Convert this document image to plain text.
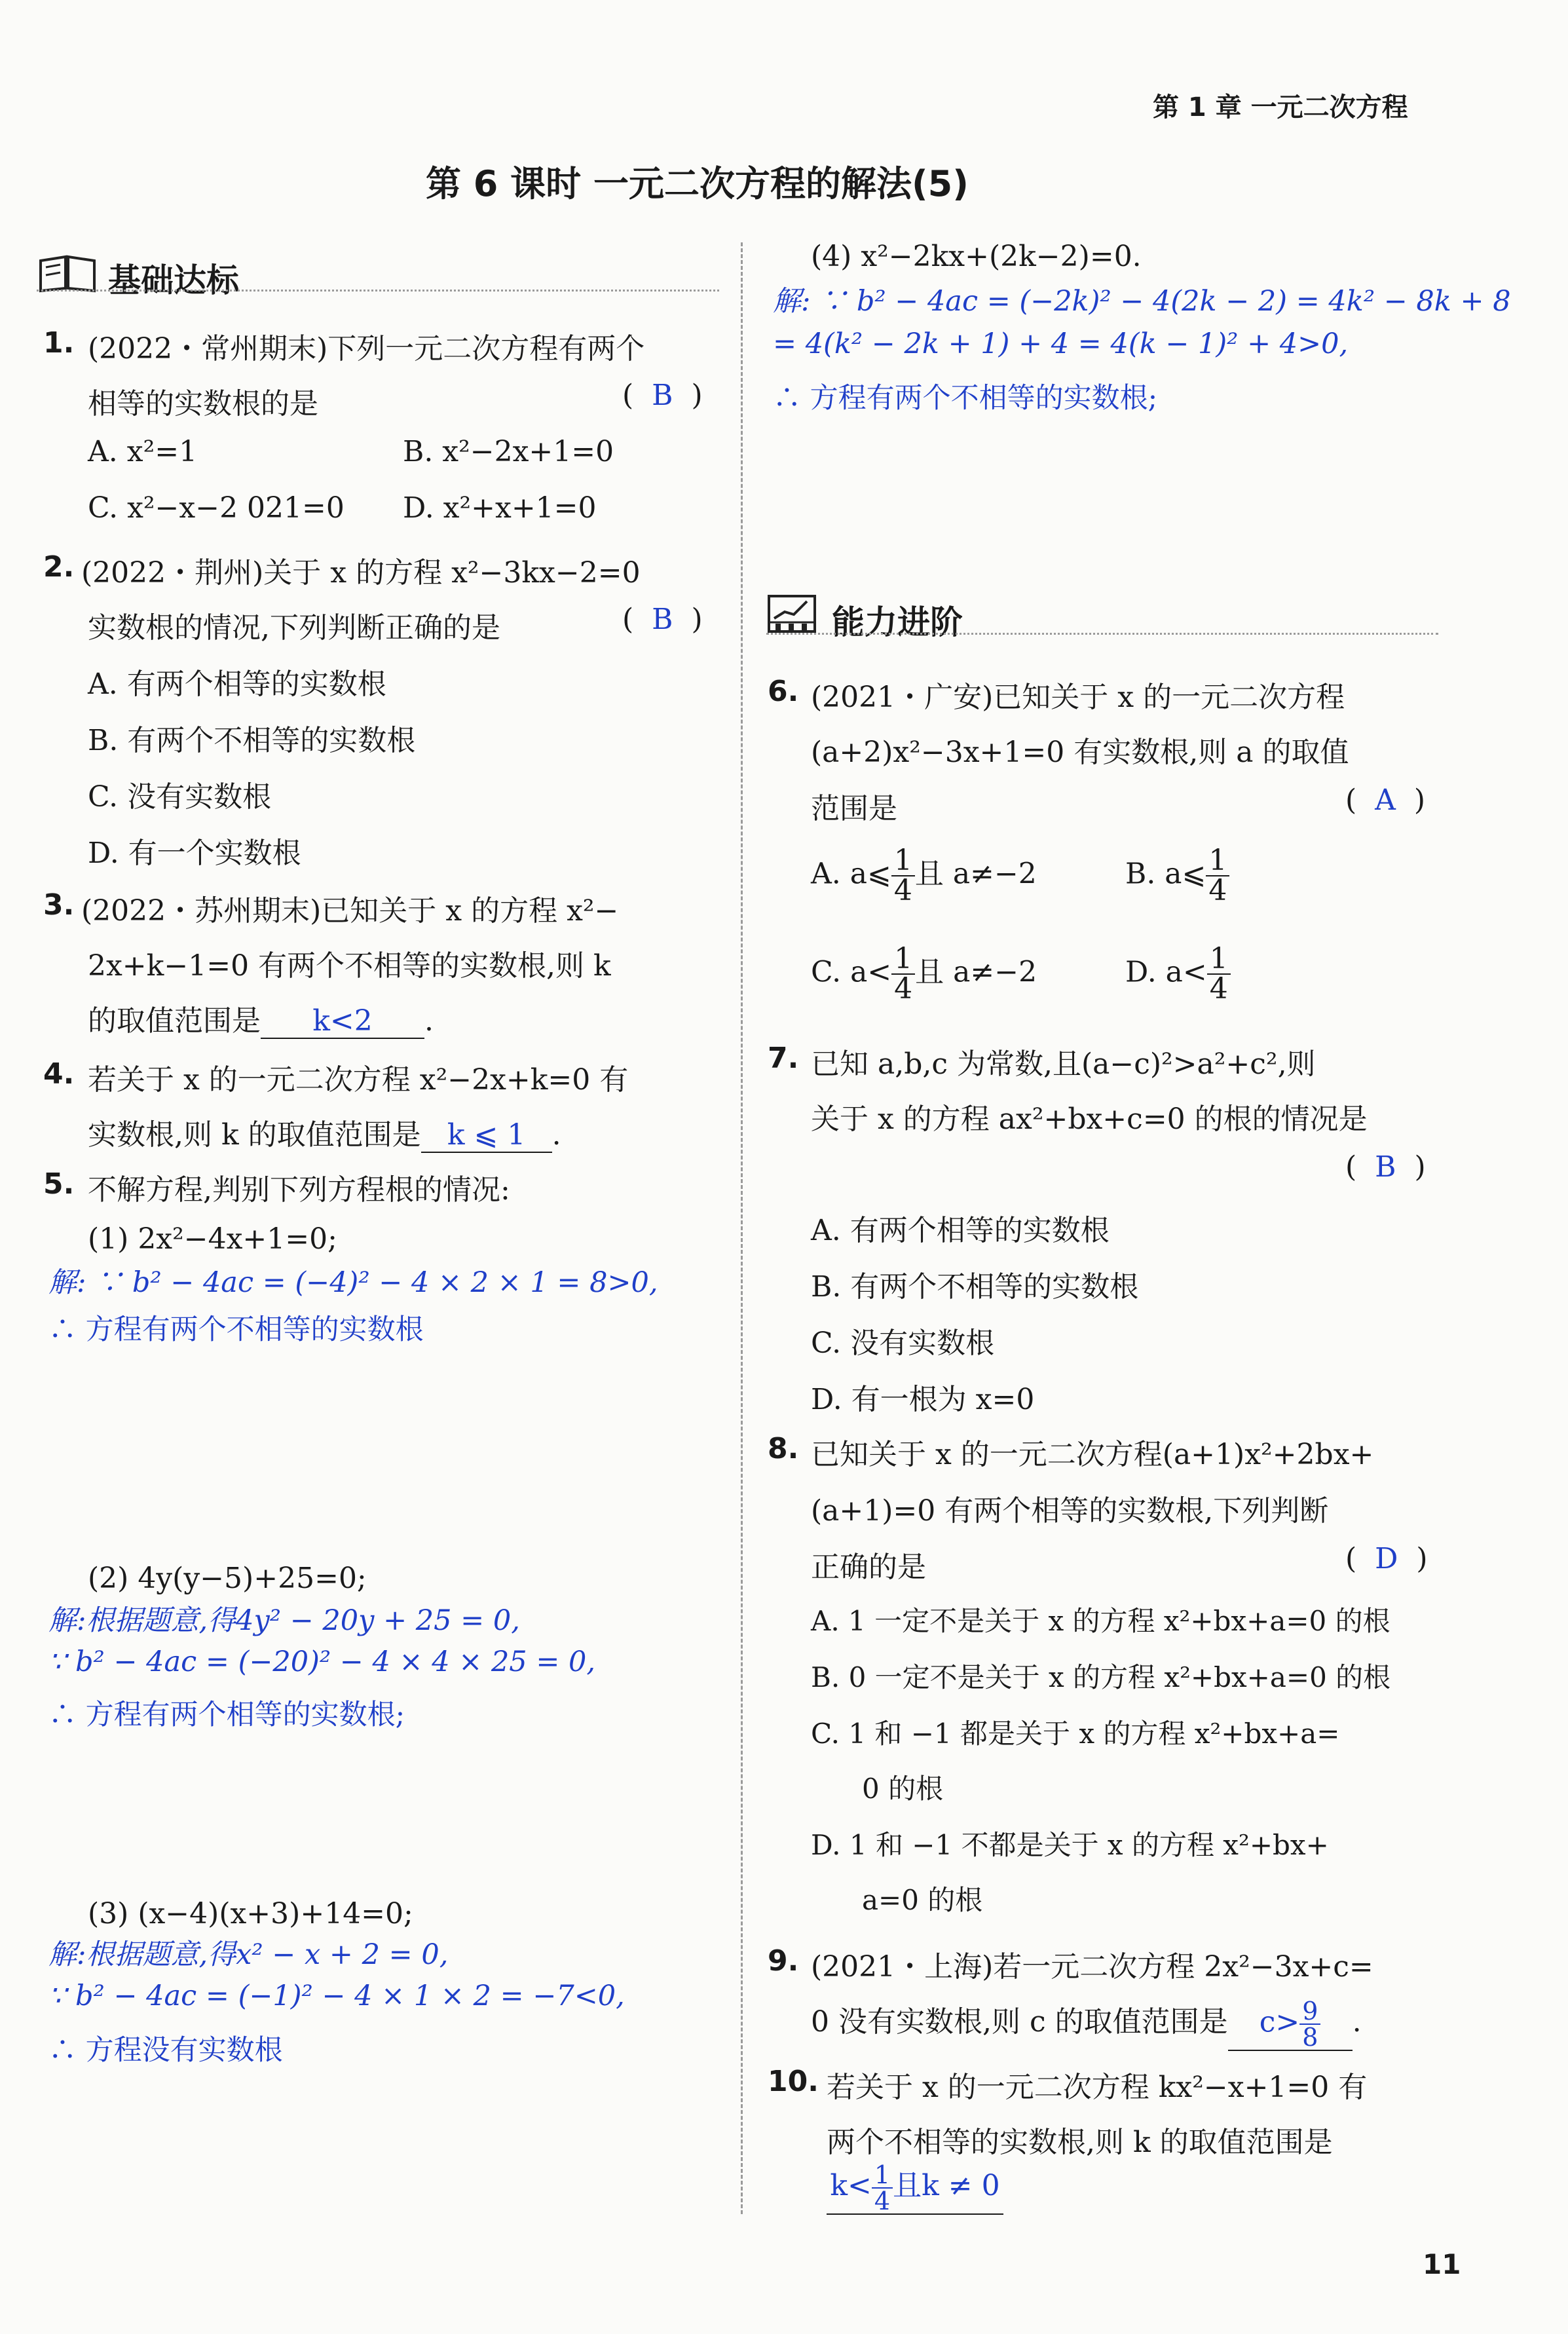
第 1 章 一元二次方程
第 6 课时 一元二次方程的解法(5)
基础达标
1. (2022・常州期末)下列一元二次方程有两个
相等的实数根的是	(  B  )
A. x²=1	B. x²−2x+1=0
C. x²−x−2 021=0 D. x²+x+1=0
2. (2022・荆州)关于 x 的方程 x²−3kx−2=0
实数根的情况,下列判断正确的是	(  B  )
A. 有两个相等的实数根
B. 有两个不相等的实数根
C. 没有实数根
D. 有一个实数根
3. (2022・苏州期末)已知关于 x 的方程 x²−
2x+k−1=0 有两个不相等的实数根,则 k
的取值范围是 k<2 .
4. 若关于 x 的一元二次方程 x²−2x+k=0 有
实数根,则 k 的取值范围是 k ⩽ 1 .
5. 不解方程,判别下列方程根的情况:
(1) 2x²−4x+1=0;
解: ∵ b² − 4ac = (−4)² − 4 × 2 × 1 = 8>0,
∴ 方程有两个不相等的实数根
(2) 4y(y−5)+25=0;
解:根据题意,得4y² − 20y + 25 = 0,
∵ b² − 4ac = (−20)² − 4 × 4 × 25 = 0,
∴ 方程有两个相等的实数根;
(3) (x−4)(x+3)+14=0;
解:根据题意,得x² − x + 2 = 0,
∵ b² − 4ac = (−1)² − 4 × 1 × 2 = −7<0,
∴ 方程没有实数根
(4) x²−2kx+(2k−2)=0.
解: ∵ b² − 4ac = (−2k)² − 4(2k − 2) = 4k² − 8k + 8
= 4(k² − 2k + 1) + 4 = 4(k − 1)² + 4>0,
∴ 方程有两个不相等的实数根;
能力进阶
6. (2021・广安)已知关于 x 的一元二次方程
(a+2)x²−3x+1=0 有实数根,则 a 的取值
范围是	(  A  )
A. a⩽ $\frac{1}{4}$ 且 a≠−2	B. a⩽ $\frac{1}{4}$
C. $a< \frac{1}{4}$ 且 a≠−2	D. $a< \frac{1}{4}$
7. 已知 a,b,c 为常数,且(a−c)²>a²+c²,则
关于 x 的方程 ax²+bx+c=0 的根的情况是
(  B  )
A. 有两个相等的实数根
B. 有两个不相等的实数根
C. 没有实数根
D. 有一根为 x=0
8. 已知关于 x 的一元二次方程(a+1)x²+2bx+
(a+1)=0 有两个相等的实数根,下列判断
正确的是	(  D  )
A. 1 一定不是关于 x 的方程 x²+bx+a=0 的根
B. 0 一定不是关于 x 的方程 x²+bx+a=0 的根
C. 1 和 −1 都是关于 x 的方程 x²+bx+a=
0 的根
D. 1 和 −1 不都是关于 x 的方程 x²+bx+
a=0 的根
9. (2021・上海)若一元二次方程 2x²−3x+c=
0 没有实数根,则 c 的取值范围是 $c> \frac{9}{8}$ .
10. 若关于 x 的一元二次方程 kx²−x+1=0 有
两个不相等的实数根,则 k 的取值范围是
$k< \frac{1}{4}$ 且k ≠ 0
11
